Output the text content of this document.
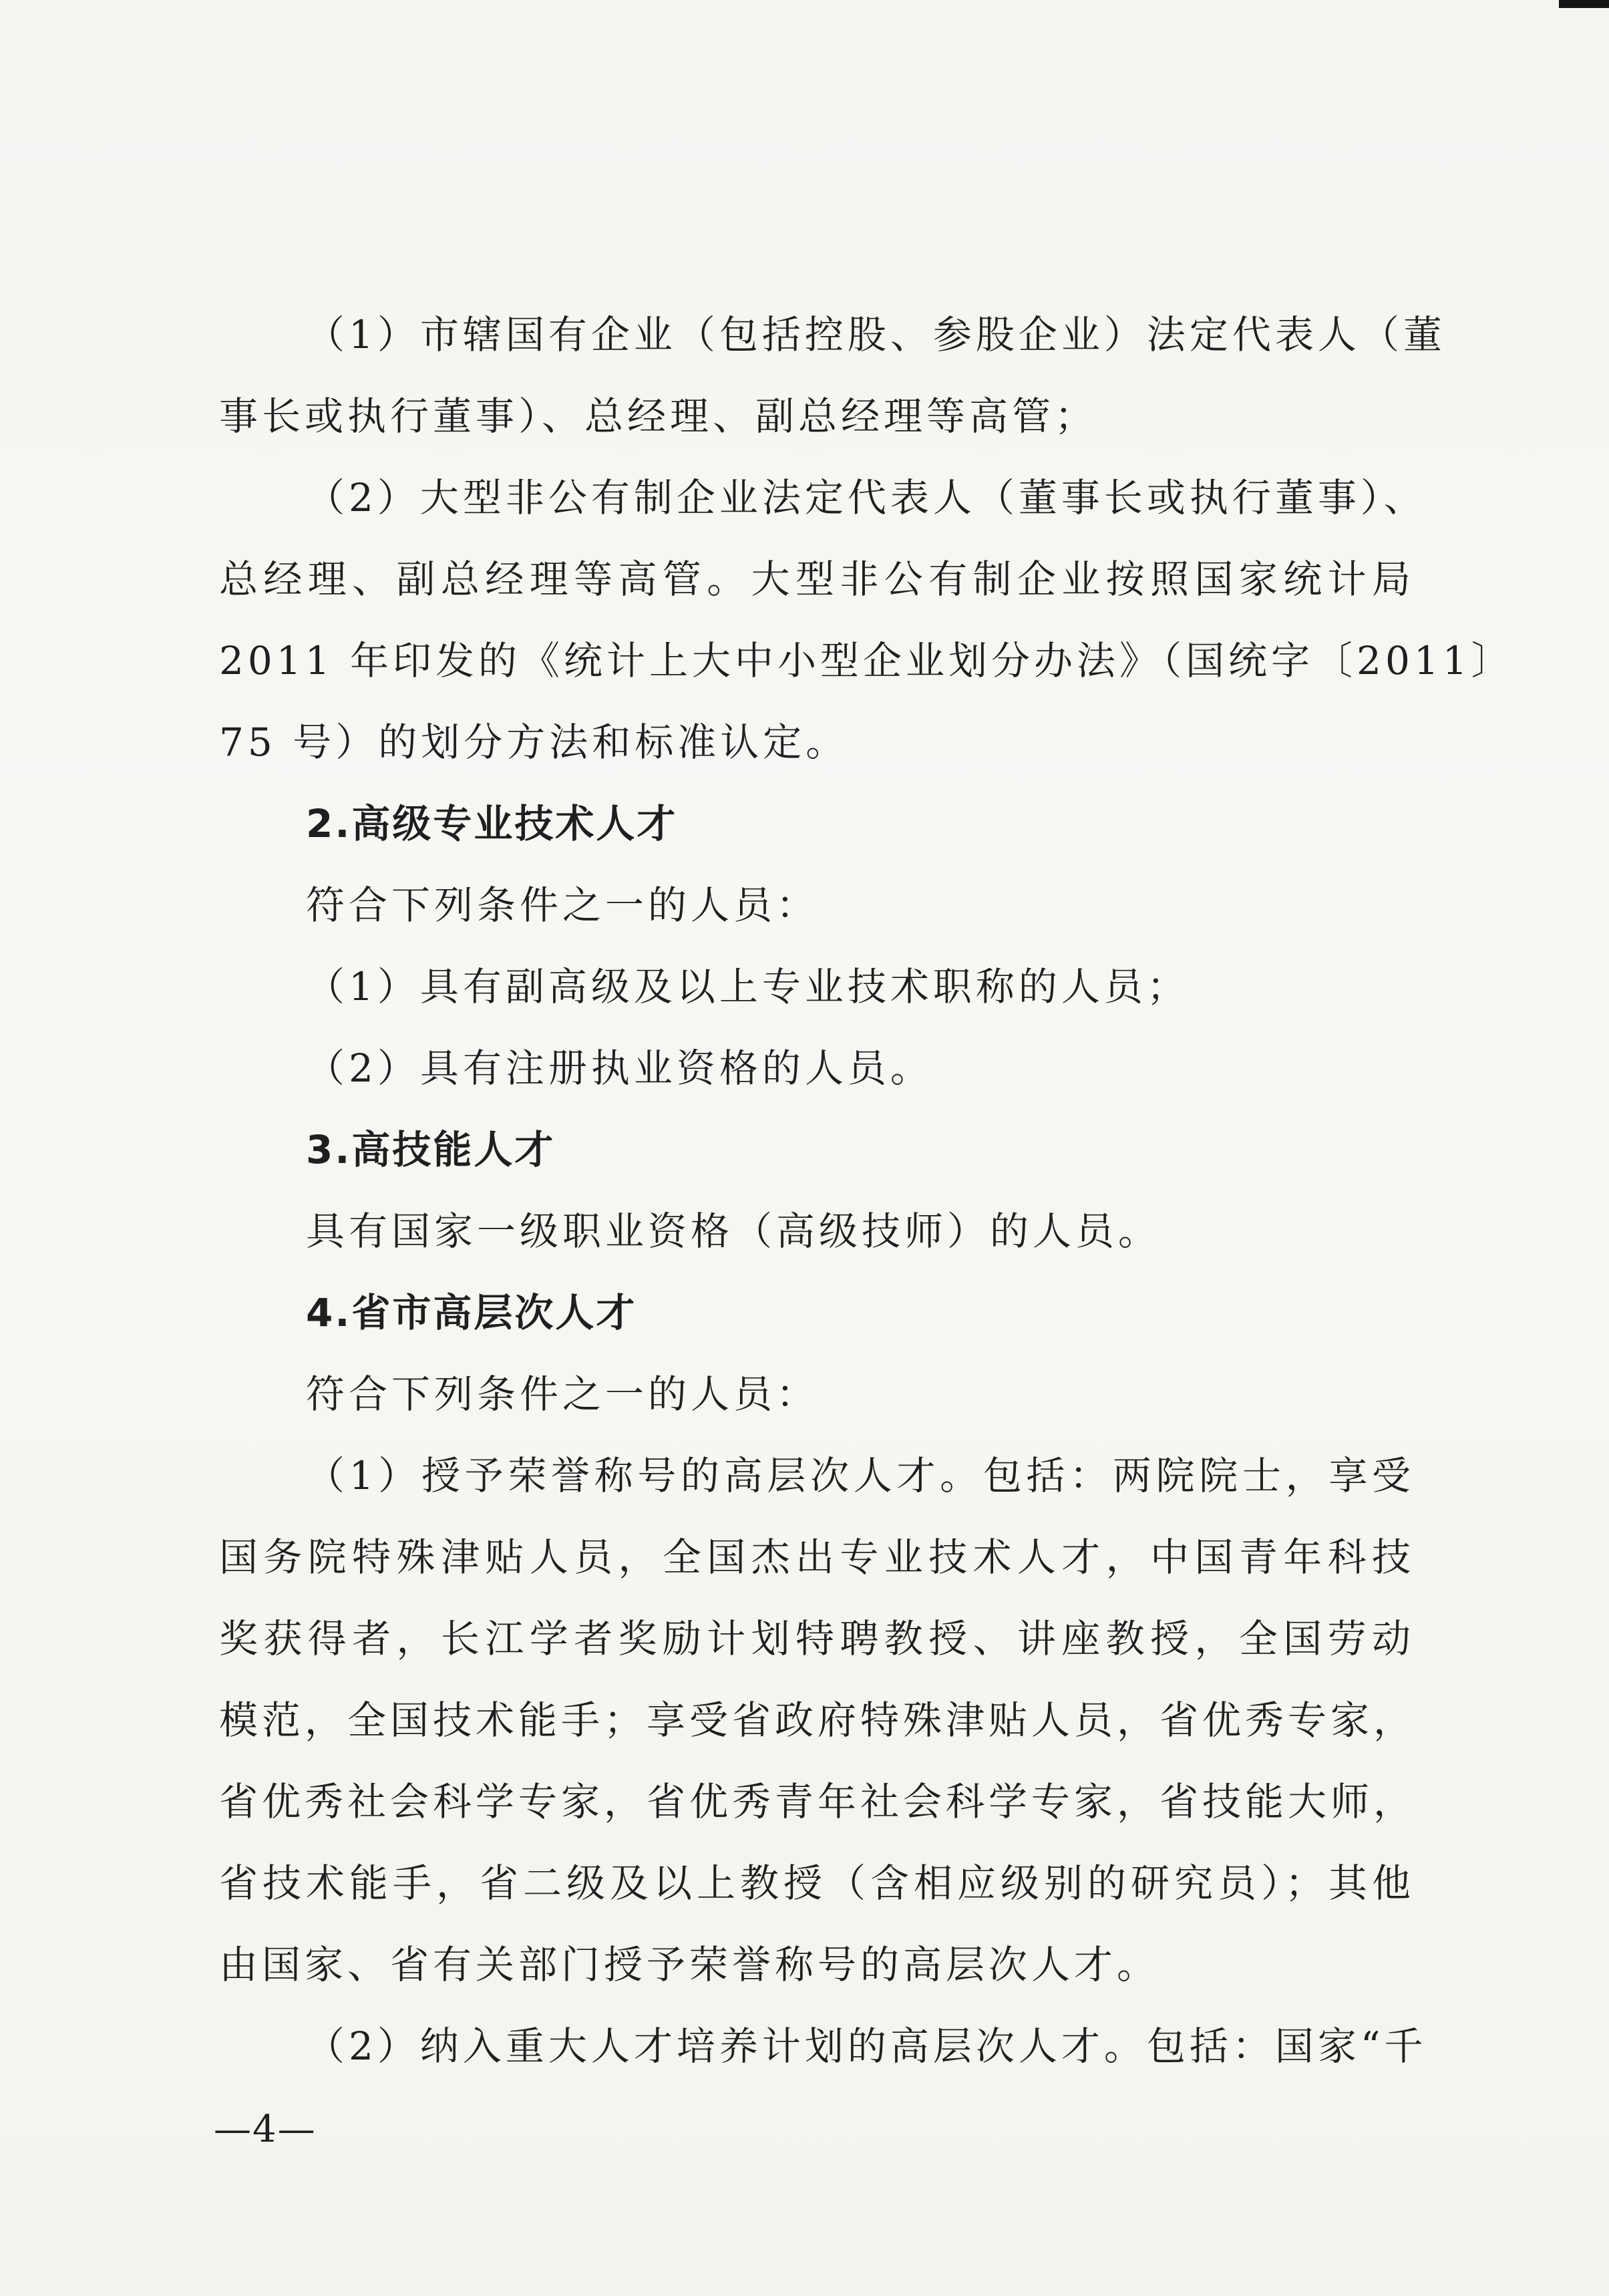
（1）市辖国有企业（包括控股、参股企业）法定代表人（董
事长或执行董事）、总经理、副总经理等高管；
（2）大型非公有制企业法定代表人（董事长或执行董事）、
总经理、副总经理等高管。大型非公有制企业按照国家统计局
2011 年印发的《统计上大中小型企业划分办法》（国统字〔2011〕
75 号）的划分方法和标准认定。
2.高级专业技术人才
符合下列条件之一的人员：
（1）具有副高级及以上专业技术职称的人员；
（2）具有注册执业资格的人员。
3.高技能人才
具有国家一级职业资格（高级技师）的人员。
4.省市高层次人才
符合下列条件之一的人员：
（1）授予荣誉称号的高层次人才。包括：两院院士，享受
国务院特殊津贴人员，全国杰出专业技术人才，中国青年科技
奖获得者，长江学者奖励计划特聘教授、讲座教授，全国劳动
模范，全国技术能手；享受省政府特殊津贴人员，省优秀专家，
省优秀社会科学专家，省优秀青年社会科学专家，省技能大师，
省技术能手，省二级及以上教授（含相应级别的研究员）；其他
由国家、省有关部门授予荣誉称号的高层次人才。
（2）纳入重大人才培养计划的高层次人才。包括：国家“千
—4—
